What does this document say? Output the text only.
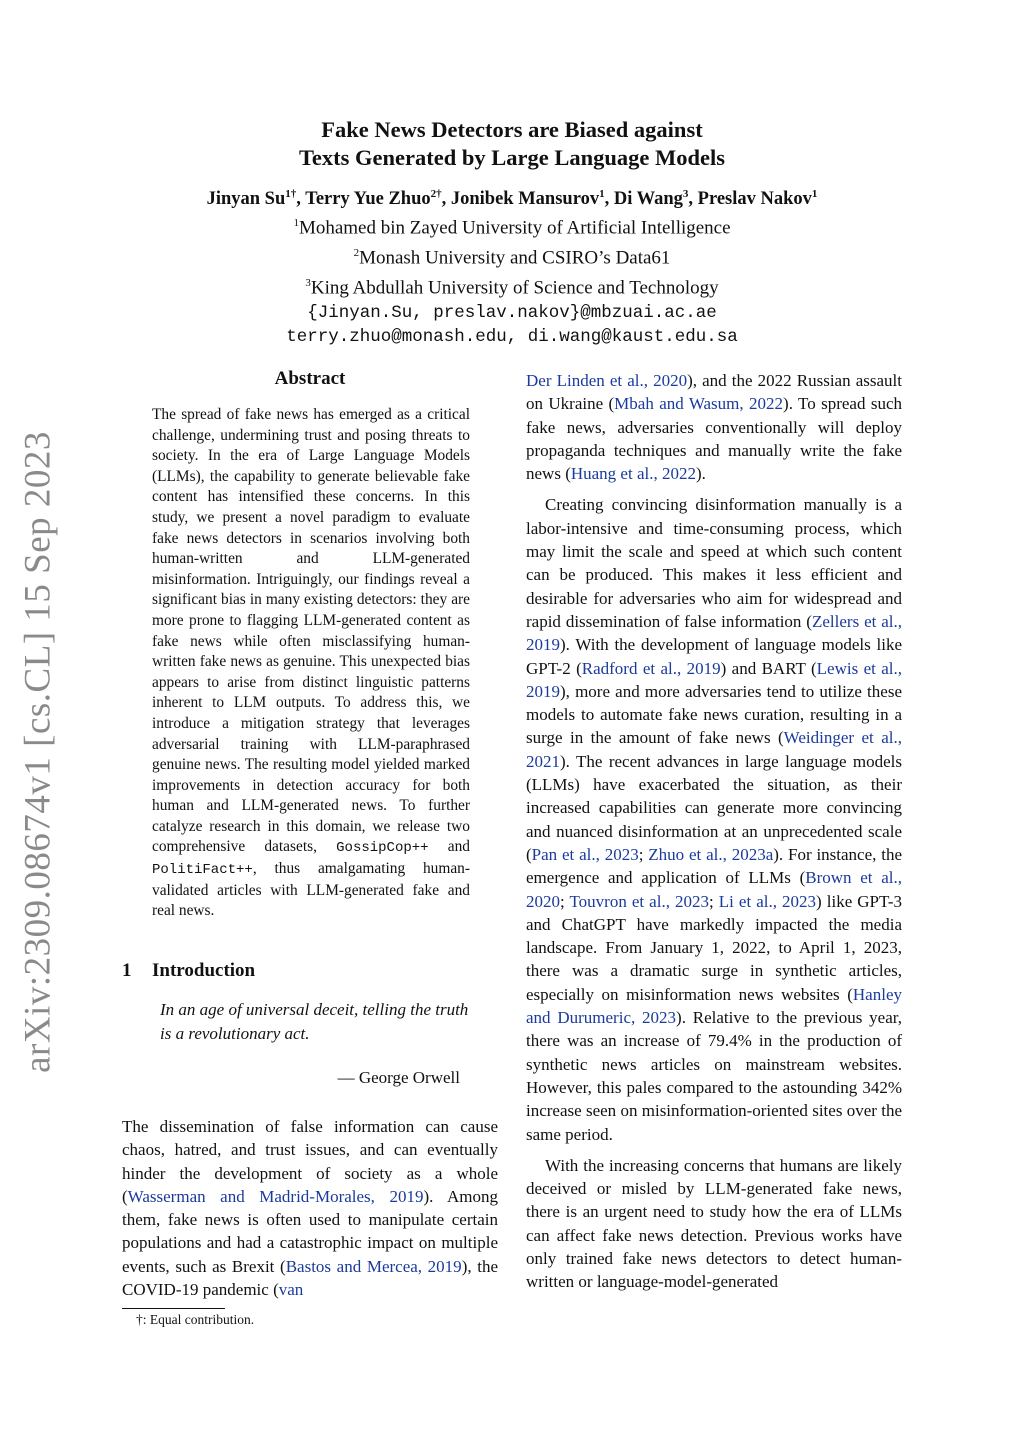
arXiv:2309.08674v1 [cs.CL] 15 Sep 2023
Fake News Detectors are Biased against
Texts Generated by Large Language Models
Jinyan $Su^{1\dagger}$, Terry Yue Zhuo$^{2\dagger}$, Jonibek Mansurov$^1$, Di Wang$^3$, Preslav Nakov$^1$
$^1$Mohamed bin Zayed University of Artificial Intelligence
$^2$Monash University and CSIRO’s Data61
$^3$King Abdullah University of Science and Technology
{Jinyan.Su, preslav.nakov}@mbzuai.ac.ae
terry.zhuo@monash.edu, di.wang@kaust.edu.sa
Abstract
The spread of fake news has emerged as a critical challenge, undermining trust and posing threats to society. In the era of Large Language Models (LLMs), the capability to generate believable fake content has intensified these concerns. In this study, we present a novel paradigm to evaluate fake news detectors in scenarios involving both human-written and LLM-generated misinformation. Intriguingly, our findings reveal a significant bias in many existing detectors: they are more prone to flagging LLM-generated content as fake news while often misclassifying human-written fake news as genuine. This unexpected bias appears to arise from distinct linguistic patterns inherent to LLM outputs. To address this, we introduce a mitigation strategy that leverages adversarial training with LLM-paraphrased genuine news. The resulting model yielded marked improvements in detection accuracy for both human and LLM-generated news. To further catalyze research in this domain, we release two comprehensive datasets, GossipCop++ and PolitiFact++, thus amalgamating human-validated articles with LLM-generated fake and real news.
1 Introduction
In an age of universal deceit, telling the truth is a revolutionary act.
— George Orwell
The dissemination of false information can cause chaos, hatred, and trust issues, and can eventually hinder the development of society as a whole (Wasserman and Madrid-Morales, 2019). Among them, fake news is often used to manipulate certain populations and had a catastrophic impact on multiple events, such as Brexit (Bastos and Mercea, 2019), the COVID-19 pandemic (van
†: Equal contribution.

Der Linden et al., 2020), and the 2022 Russian assault on Ukraine (Mbah and Wasum, 2022). To spread such fake news, adversaries conventionally will deploy propaganda techniques and manually write the fake news (Huang et al., 2022).

Creating convincing disinformation manually is a labor-intensive and time-consuming process, which may limit the scale and speed at which such content can be produced. This makes it less efficient and desirable for adversaries who aim for widespread and rapid dissemination of false information (Zellers et al., 2019). With the development of language models like GPT-2 (Radford et al., 2019) and BART (Lewis et al., 2019), more and more adversaries tend to utilize these models to automate fake news curation, resulting in a surge in the amount of fake news (Weidinger et al., 2021). The recent advances in large language models (LLMs) have exacerbated the situation, as their increased capabilities can generate more convincing and nuanced disinformation at an unprecedented scale (Pan et al., 2023; Zhuo et al., 2023a). For instance, the emergence and application of LLMs (Brown et al., 2020; Touvron et al., 2023; Li et al., 2023) like GPT-3 and ChatGPT have markedly impacted the media landscape. From January 1, 2022, to April 1, 2023, there was a dramatic surge in synthetic articles, especially on misinformation news websites (Hanley and Durumeric, 2023). Relative to the previous year, there was an increase of 79.4% in the production of synthetic news articles on mainstream websites. However, this pales compared to the astounding 342% increase seen on misinformation-oriented sites over the same period.

With the increasing concerns that humans are likely deceived or misled by LLM-generated fake news, there is an urgent need to study how the era of LLMs can affect fake news detection. Previous works have only trained fake news detectors to detect human-written or language-model-generated
